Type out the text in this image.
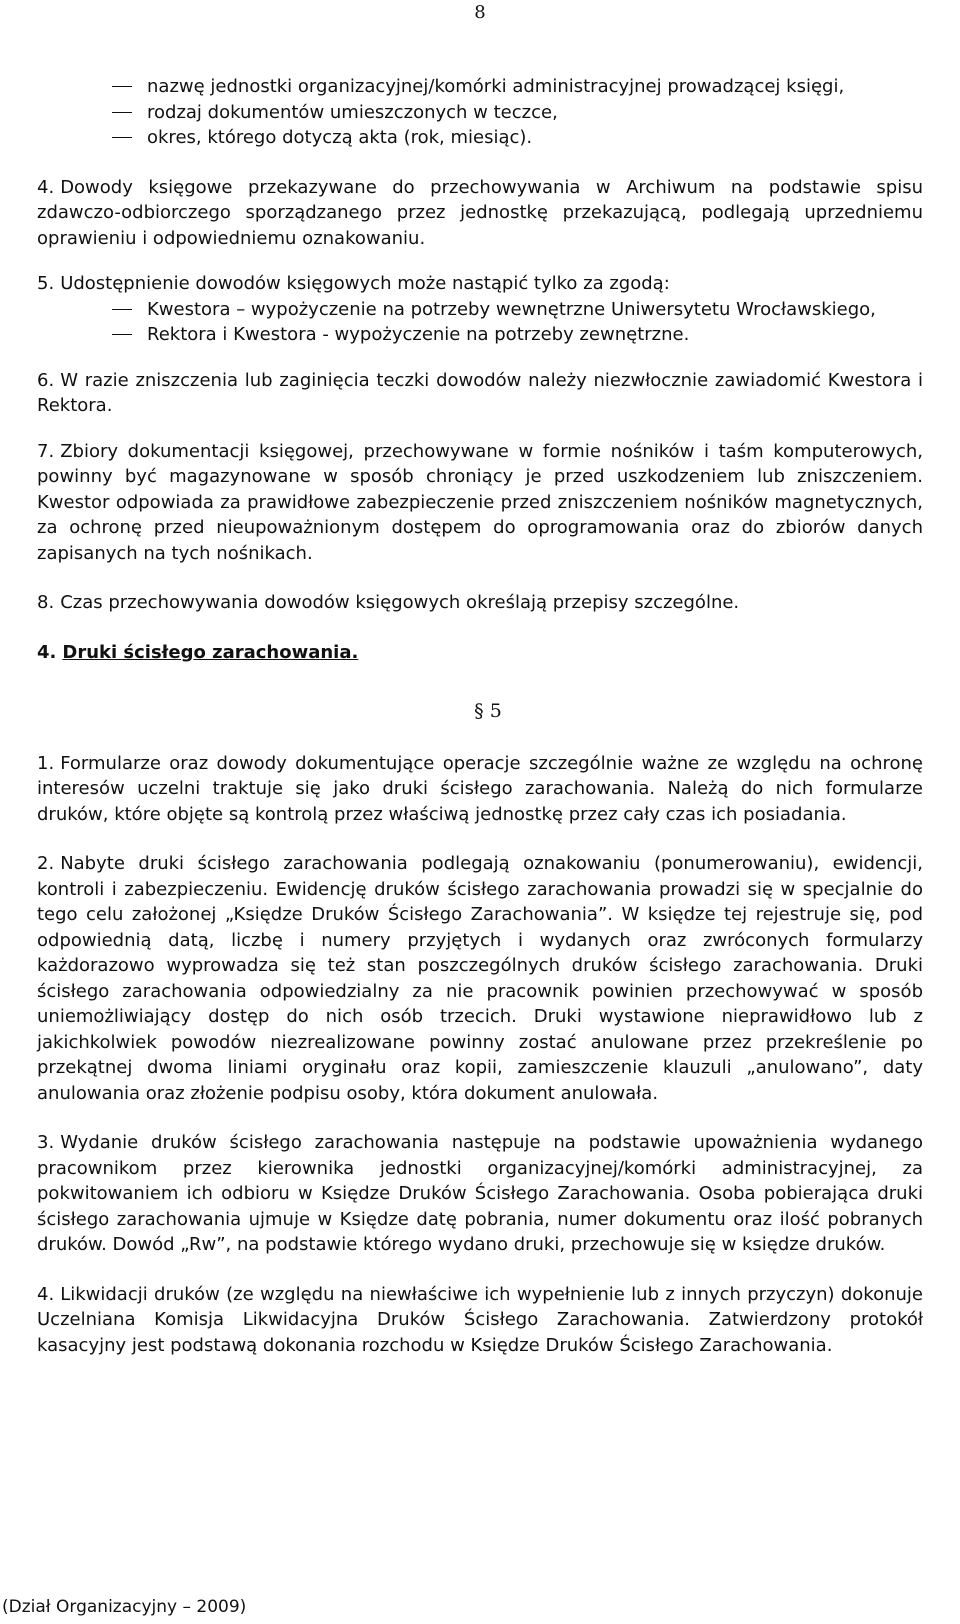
8
nazwę jednostki organizacyjnej/komórki administracyjnej prowadzącej księgi,
rodzaj dokumentów umieszczonych w teczce,
okres, którego dotyczą akta (rok, miesiąc).

4. Dowody księgowe przekazywane do przechowywania w Archiwum na podstawie spisu zdawczo-odbiorczego sporządzanego przez jednostkę przekazującą, podlegają uprzedniemu oprawieniu i odpowiedniemu oznakowaniu.

5. Udostępnienie dowodów księgowych może nastąpić tylko za zgodą:

Kwestora – wypożyczenie na potrzeby wewnętrzne Uniwersytetu Wrocławskiego,
Rektora i Kwestora - wypożyczenie na potrzeby zewnętrzne.

6. W razie zniszczenia lub zaginięcia teczki dowodów należy niezwłocznie zawiadomić Kwestora i Rektora.

7. Zbiory dokumentacji księgowej, przechowywane w formie nośników i taśm komputerowych, powinny być magazynowane w sposób chroniący je przed uszkodzeniem lub zniszczeniem. Kwestor odpowiada za prawidłowe zabezpieczenie przed zniszczeniem nośników magnetycznych, za ochronę przed nieupoważnionym dostępem do oprogramowania oraz do zbiorów danych zapisanych na tych nośnikach.

8. Czas przechowywania dowodów księgowych określają przepisy szczególne.

4. Druki ścisłego zarachowania.

§ 5

1. Formularze oraz dowody dokumentujące operacje szczególnie ważne ze względu na ochronę interesów uczelni traktuje się jako druki ścisłego zarachowania. Należą do nich formularze druków, które objęte są kontrolą przez właściwą jednostkę przez cały czas ich posiadania.

2. Nabyte druki ścisłego zarachowania podlegają oznakowaniu (ponumerowaniu), ewidencji, kontroli i zabezpieczeniu. Ewidencję druków ścisłego zarachowania prowadzi się w specjalnie do tego celu założonej „Księdze Druków Ścisłego Zarachowania”. W księdze tej rejestruje się, pod odpowiednią datą, liczbę i numery przyjętych i wydanych oraz zwróconych formularzy każdorazowo wyprowadza się też stan poszczególnych druków ścisłego zarachowania. Druki ścisłego zarachowania odpowiedzialny za nie pracownik powinien przechowywać w sposób uniemożliwiający dostęp do nich osób trzecich. Druki wystawione nieprawidłowo lub z jakichkolwiek powodów niezrealizowane powinny zostać anulowane przez przekreślenie po przekątnej dwoma liniami oryginału oraz kopii, zamieszczenie klauzuli „anulowano”, daty anulowania oraz złożenie podpisu osoby, która dokument anulowała.

3. Wydanie druków ścisłego zarachowania następuje na podstawie upoważnienia wydanego pracownikom przez kierownika jednostki organizacyjnej/komórki administracyjnej, za pokwitowaniem ich odbioru w Księdze Druków Ścisłego Zarachowania. Osoba pobierająca druki ścisłego zarachowania ujmuje w Księdze datę pobrania, numer dokumentu oraz ilość pobranych druków. Dowód „Rw”, na podstawie którego wydano druki, przechowuje się w księdze druków.

4. Likwidacji druków (ze względu na niewłaściwe ich wypełnienie lub z innych przyczyn) dokonuje Uczelniana Komisja Likwidacyjna Druków Ścisłego Zarachowania. Zatwierdzony protokół kasacyjny jest podstawą dokonania rozchodu w Księdze Druków Ścisłego Zarachowania.

(Dział Organizacyjny – 2009)
